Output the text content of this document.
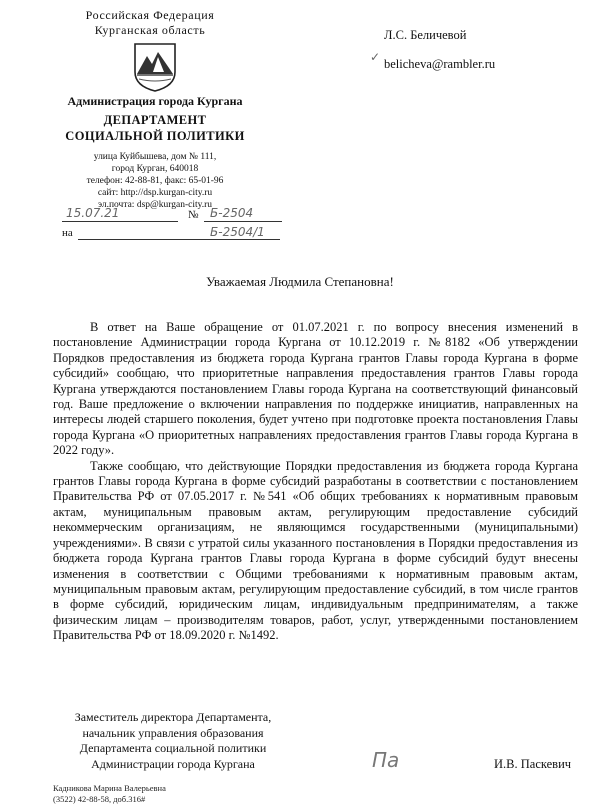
Российская Федерация
Курганская область
Администрация города Кургана
ДЕПАРТАМЕНТ
СОЦИАЛЬНОЙ ПОЛИТИКИ
улица Куйбышева, дом № 111,
город Курган, 640018
телефон: 42-88-81, факс: 65-01-96
сайт: http://dsp.kurgan-city.ru
эл.почта: dsp@kurgan-city.ru
Л.С. Беличевой
✓ belicheva@rambler.ru
15.07.21	№ Б-2504
на	Б-2504/1
Уважаемая Людмила Степановна!

В ответ на Ваше обращение от 01.07.2021 г. по вопросу внесения изменений в постановление Администрации города Кургана от 10.12.2019 г. №8182 «Об утверждении Порядков предоставления из бюджета города Кургана грантов Главы города Кургана в форме субсидий» сообщаю, что приоритетные направления предоставления грантов Главы города Кургана утверждаются постановлением Главы города Кургана на соответствующий финансовый год. Ваше предложение о включении направления по поддержке инициатив, направленных на интересы людей старшего поколения, будет учтено при подготовке проекта постановления Главы города Кургана «О приоритетных направлениях предоставления грантов Главы города Кургана в 2022 году».

Также сообщаю, что действующие Порядки предоставления из бюджета города Кургана грантов Главы города Кургана в форме субсидий разработаны в соответствии с постановлением Правительства РФ от 07.05.2017 г. №541 «Об общих требованиях к нормативным правовым актам, муниципальным правовым актам, регулирующим предоставление субсидий некоммерческим организациям, не являющимся государственными (муниципальными) учреждениями». В связи с утратой силы указанного постановления в Порядки предоставления из бюджета города Кургана грантов Главы города Кургана в форме субсидий будут внесены изменения в соответствии с Общими требованиями к нормативным правовым актам, муниципальным правовым актам, регулирующим предоставление субсидий, в том числе грантов в форме субсидий, юридическим лицам, индивидуальным предпринимателям, а также физическим лицам – производителям товаров, работ, услуг, утвержденными постановлением Правительства РФ от 18.09.2020 г. №1492.

Заместитель директора Департамента,
начальник управления образования
Департамента социальной политики
Администрации города Кургана	Па	И.В. Паскевич
Кадникова Марина Валерьевна
(3522) 42-88-58, доб.316#
